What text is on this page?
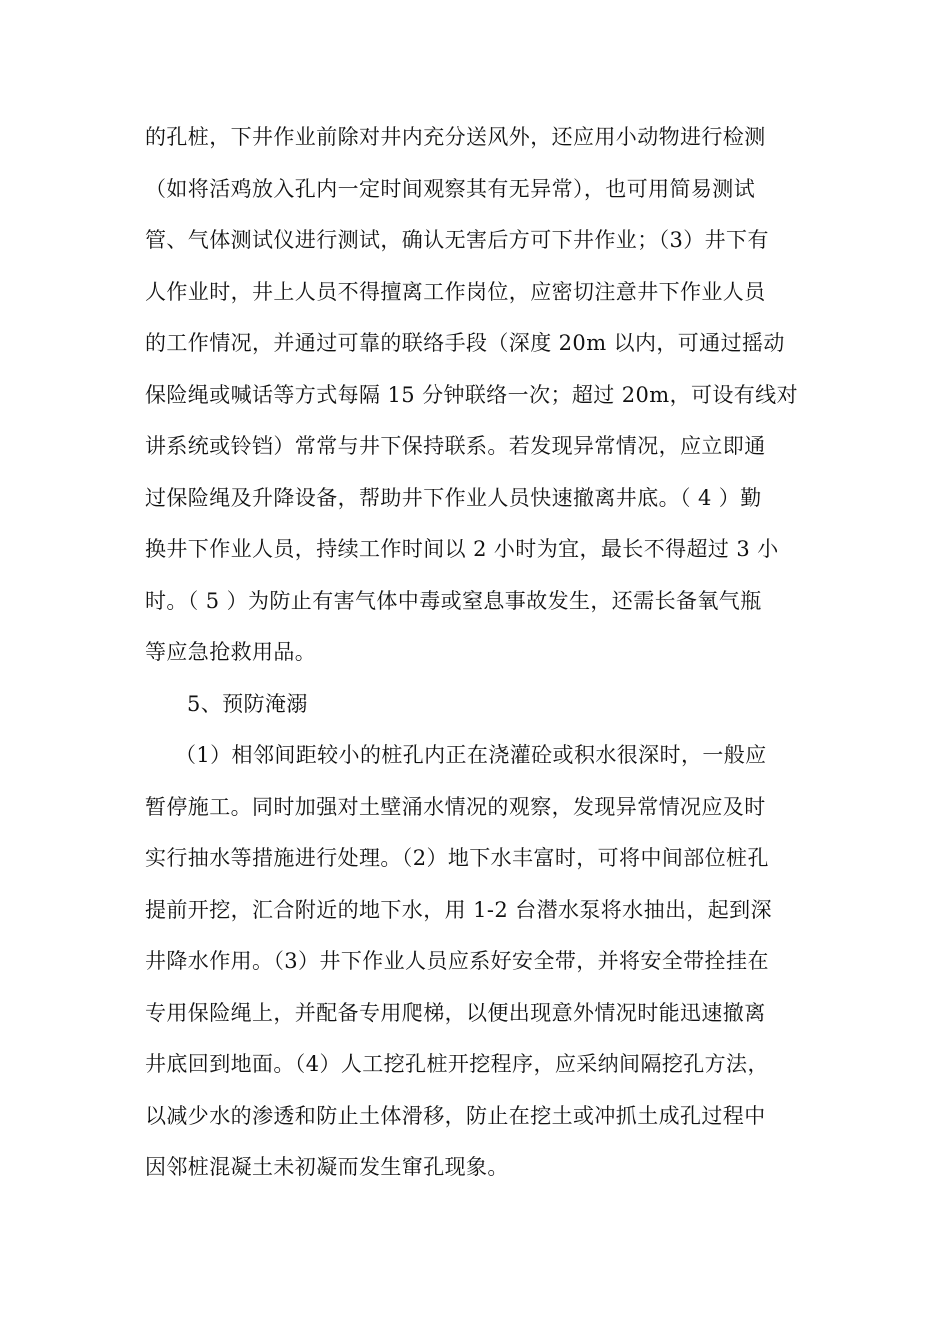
的孔桩，下井作业前除对井内充分送风外，还应用小动物进行检测
（如将活鸡放入孔内一定时间观察其有无异常），也可用简易测试
管、气体测试仪进行测试，确认无害后方可下井作业；（3）井下有
人作业时，井上人员不得擅离工作岗位，应密切注意井下作业人员
的工作情况，并通过可靠的联络手段（深度 20m 以内，可通过摇动
保险绳或喊话等方式每隔 15 分钟联络一次；超过 20m，可设有线对
讲系统或铃铛）常常与井下保持联系。若发现异常情况，应立即通
过保险绳及升降设备，帮助井下作业人员快速撤离井底。（ 4 ）勤
换井下作业人员，持续工作时间以 2 小时为宜，最长不得超过 3 小
时。（ 5 ）为防止有害气体中毒或窒息事故发生，还需长备氧气瓶
等应急抢救用品。
5、预防淹溺
（1）相邻间距较小的桩孔内正在浇灌砼或积水很深时，一般应
暂停施工。同时加强对土壁涌水情况的观察，发现异常情况应及时
实行抽水等措施进行处理。（2）地下水丰富时，可将中间部位桩孔
提前开挖，汇合附近的地下水，用 1-2 台潜水泵将水抽出，起到深
井降水作用。（3）井下作业人员应系好安全带，并将安全带拴挂在
专用保险绳上，并配备专用爬梯，以便出现意外情况时能迅速撤离
井底回到地面。（4）人工挖孔桩开挖程序，应采纳间隔挖孔方法，
以减少水的渗透和防止土体滑移，防止在挖土或冲抓土成孔过程中
因邻桩混凝土未初凝而发生窜孔现象。
